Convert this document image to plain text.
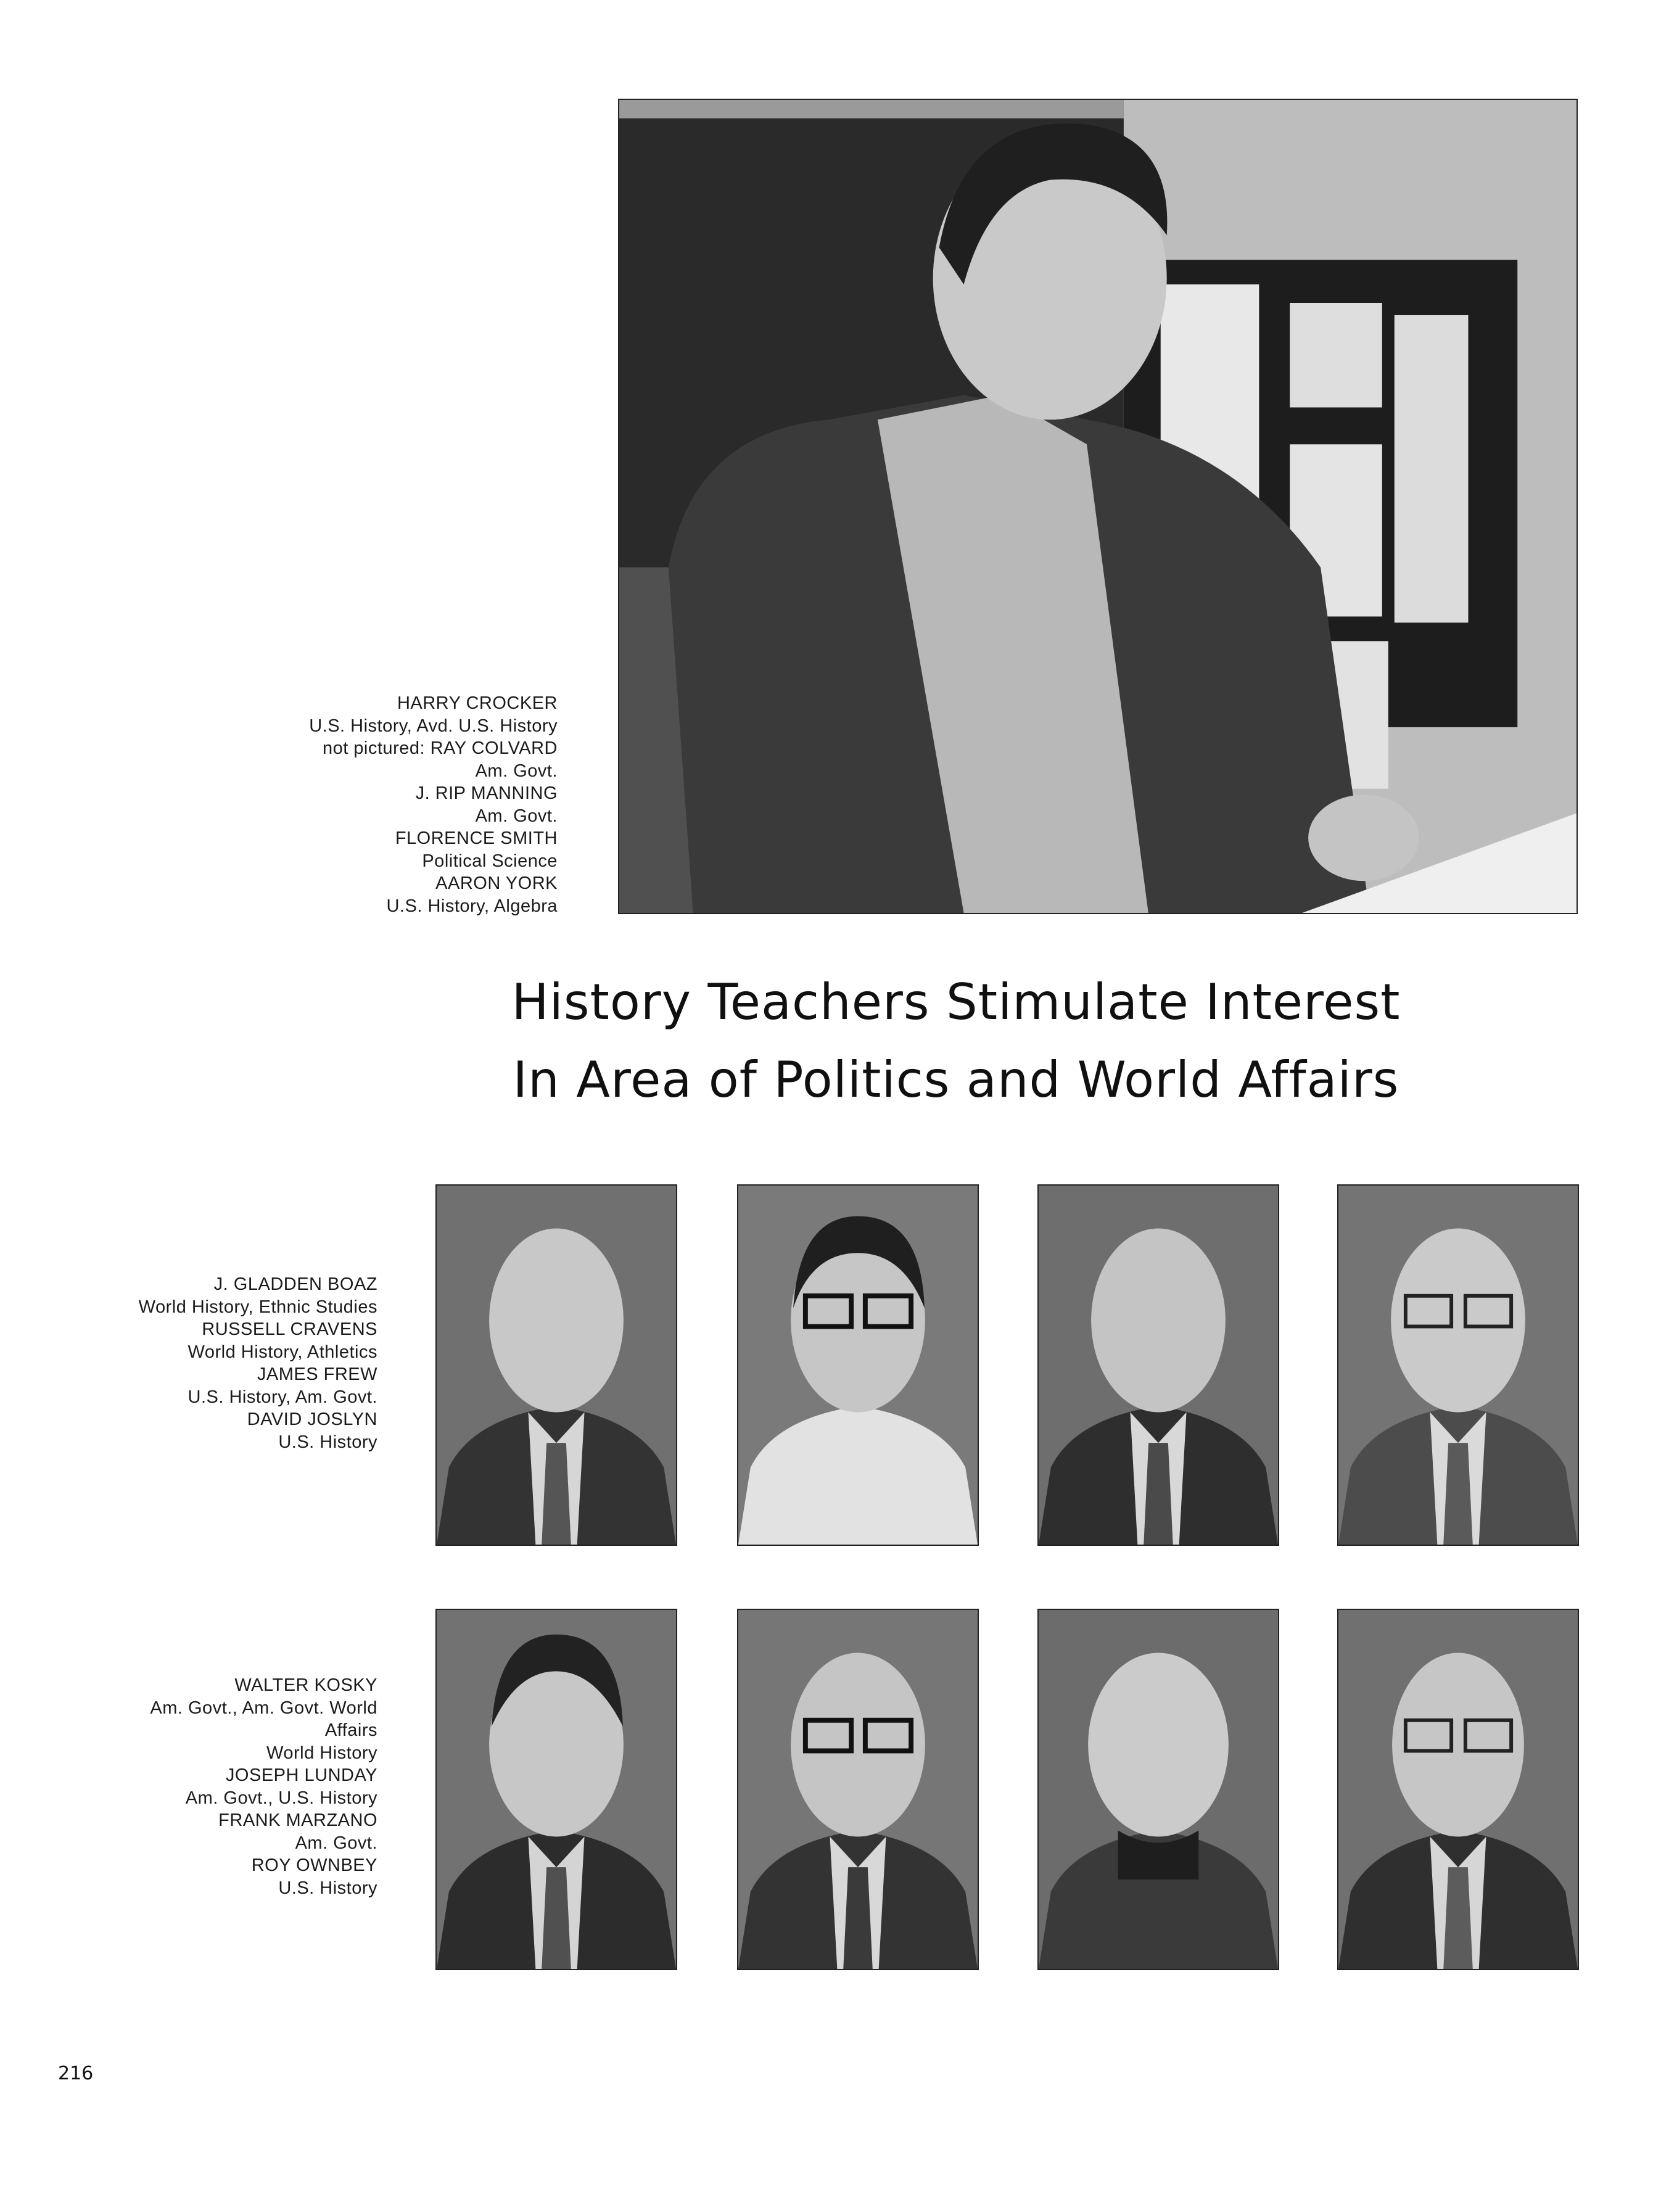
HARRY CROCKER
U.S. History, Avd. U.S. History
not pictured: RAY COLVARD
Am. Govt.
J. RIP MANNING
Am. Govt.
FLORENCE SMITH
Political Science
AARON YORK
U.S. History, Algebra
History Teachers Stimulate Interest
In Area of Politics and World Affairs
J. GLADDEN BOAZ
World History, Ethnic Studies
RUSSELL CRAVENS
World History, Athletics
JAMES FREW
U.S. History, Am. Govt.
DAVID JOSLYN
U.S. History
WALTER KOSKY
Am. Govt., Am. Govt. World
Affairs
World History
JOSEPH LUNDAY
Am. Govt., U.S. History
FRANK MARZANO
Am. Govt.
ROY OWNBEY
U.S. History
216
